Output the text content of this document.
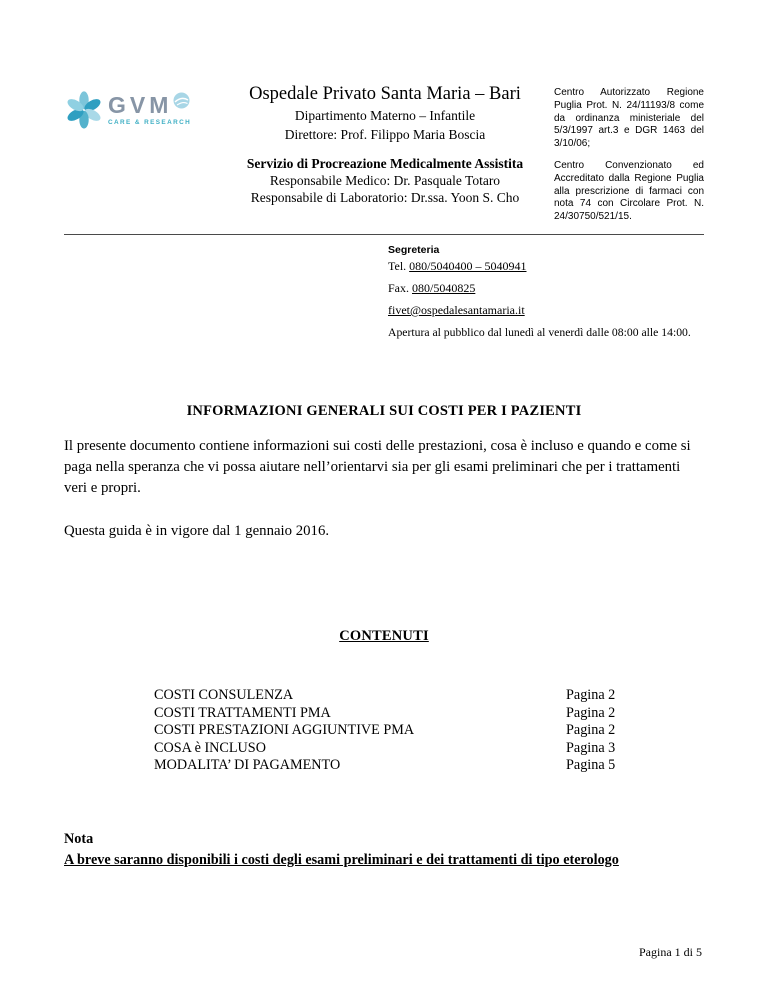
GVM
CARE & RESEARCH
Ospedale Privato Santa Maria – Bari
Dipartimento Materno – Infantile
Direttore: Prof. Filippo Maria Boscia
Servizio di Procreazione Medicalmente Assistita
Responsabile Medico: Dr. Pasquale Totaro
Responsabile di Laboratorio: Dr.ssa. Yoon S. Cho

Centro Autorizzato Regione Puglia Prot. N. 24/11193/8 come da ordinanza ministeriale del 5/3/1997 art.3 e DGR 1463 del 3/10/06;

Centro Convenzionato ed Accreditato dalla Regione Puglia alla prescrizione di farmaci con nota 74 con Circolare Prot. N. 24/30750/521/15.

Segreteria
Tel. 080/5040400 – 5040941
Fax. 080/5040825
fivet@ospedalesantamaria.it
Apertura al pubblico dal lunedì al venerdì dalle 08:00 alle 14:00.
INFORMAZIONI GENERALI SUI COSTI PER I PAZIENTI

Il presente documento contiene informazioni sui costi delle prestazioni, cosa è incluso e quando e come si paga nella speranza che vi possa aiutare nell’orientarvi sia per gli esami preliminari che per i trattamenti veri e propri.

Questa guida è in vigore dal 1 gennaio 2016.

CONTENUTI
COSTI CONSULENZA	Pagina 2
COSTI TRATTAMENTI PMA	Pagina 2
COSTI PRESTAZIONI AGGIUNTIVE PMA	Pagina 2
COSA è INCLUSO	Pagina 3
MODALITA’ DI PAGAMENTO	Pagina 5
Nota
A breve saranno disponibili i costi degli esami preliminari e dei trattamenti di tipo eterologo
Pagina 1 di 5
